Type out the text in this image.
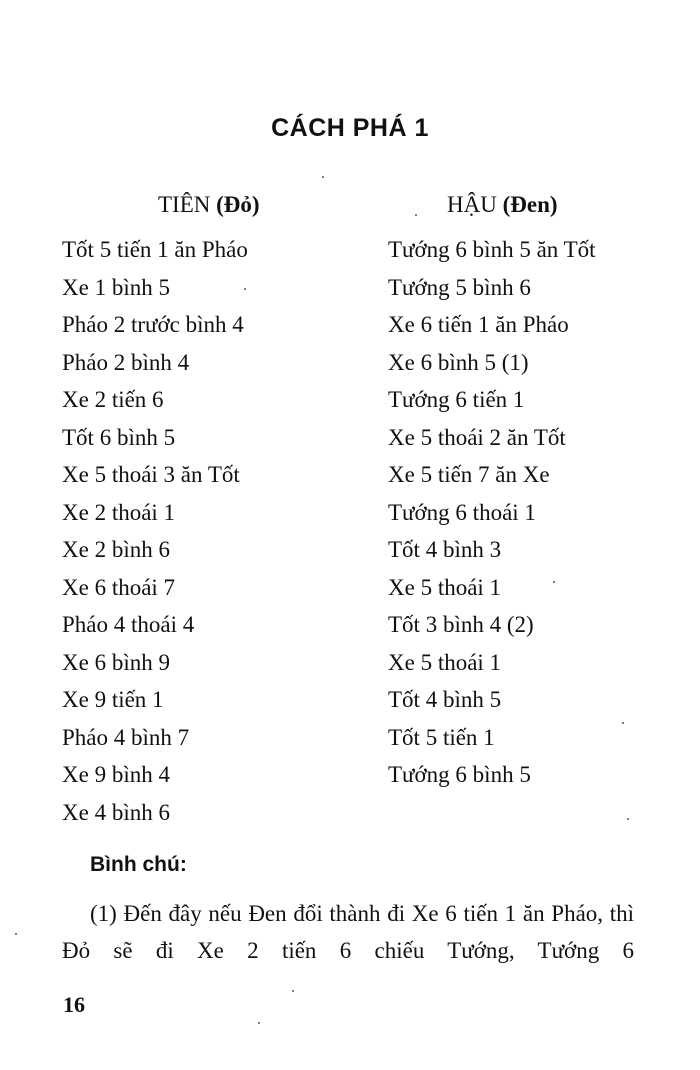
CÁCH PHÁ 1
TIÊN (Đỏ)	HẬU (Đen)
Tốt 5 tiến 1 ăn Pháo
Xe 1 bình 5
Pháo 2 trước bình 4
Pháo 2 bình 4
Xe 2 tiến 6
Tốt 6 bình 5
Xe 5 thoái 3 ăn Tốt
Xe 2 thoái 1
Xe 2 bình 6
Xe 6 thoái 7
Pháo 4 thoái 4
Xe 6 bình 9
Xe 9 tiến 1
Pháo 4 bình 7
Xe 9 bình 4
Xe 4 bình 6
Tướng 6 bình 5 ăn Tốt
Tướng 5 bình 6
Xe 6 tiến 1 ăn Pháo
Xe 6 bình 5 (1)
Tướng 6 tiến 1
Xe 5 thoái 2 ăn Tốt
Xe 5 tiến 7 ăn Xe
Tướng 6 thoái 1
Tốt 4 bình 3
Xe 5 thoái 1
Tốt 3 bình 4 (2)
Xe 5 thoái 1
Tốt 4 bình 5
Tốt 5 tiến 1
Tướng 6 bình 5
Bình chú:

(1) Đến đây nếu Đen đổi thành đi Xe 6 tiến 1 ăn Pháo, thì Đỏ sẽ đi Xe 2 tiến 6 chiếu Tướng, Tướng 6

16
